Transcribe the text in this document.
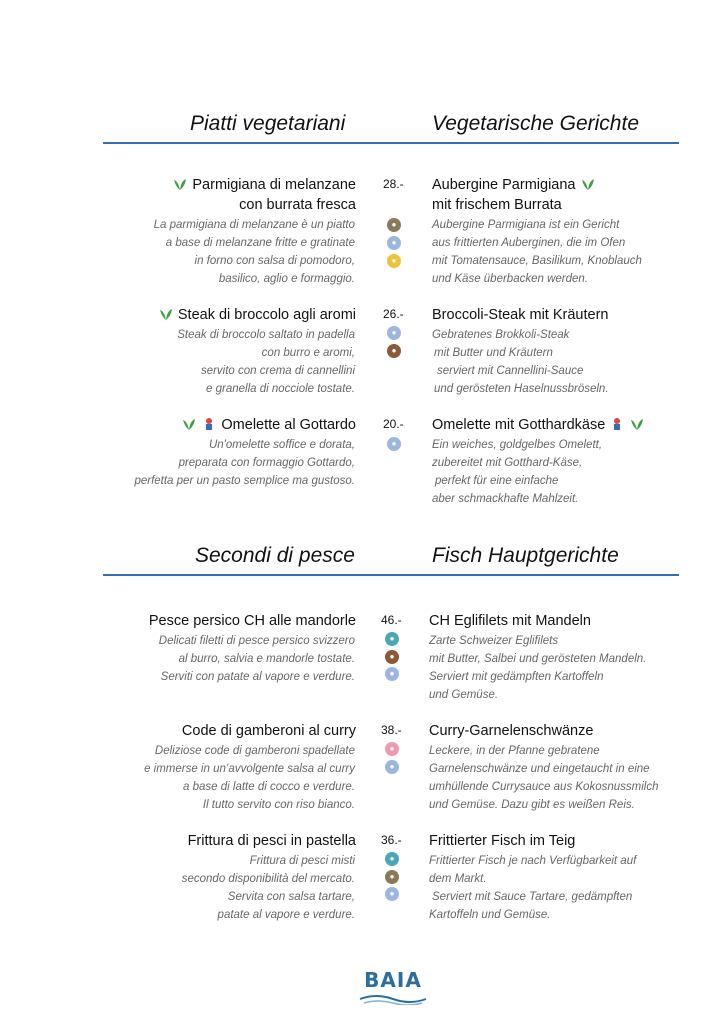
Piatti vegetariani	Vegetarische Gerichte
Parmigiana di melanzane
con burrata fresca
La parmigiana di melanzane è un piatto
a base di melanzane fritte e gratinate
in forno con salsa di pomodoro,
basilico, aglio e formaggio.
28.-
●
●
●
Aubergine Parmigiana
mit frischem Burrata
Aubergine Parmigiana ist ein Gericht
aus frittierten Auberginen, die im Ofen
mit Tomatensauce, Basilikum, Knoblauch
und Käse überbacken werden.
Steak di broccolo agli aromi
Steak di broccolo saltato in padella
con burro e aromi,
servito con crema di cannellini
e granella di nocciole tostate.
26.-
●
●
Broccoli-Steak mit Kräutern
Gebratenes Brokkoli-Steak
mit Butter und Kräutern
serviert mit Cannellini-Sauce
und gerösteten Haselnussbröseln.
Omelette al Gottardo
Un'omelette soffice e dorata,
preparata con formaggio Gottardo,
perfetta per un pasto semplice ma gustoso.
20.-
●
Omelette mit Gotthardkäse
Ein weiches, goldgelbes Omelett,
zubereitet mit Gotthard-Käse,
perfekt für eine einfache
aber schmackhafte Mahlzeit.
Secondi di pesce	Fisch Hauptgerichte
Pesce persico CH alle mandorle
Delicati filetti di pesce persico svizzero
al burro, salvia e mandorle tostate.
Serviti con patate al vapore e verdure.
46.-
●
●
●
CH Eglifilets mit Mandeln
Zarte Schweizer Eglifilets
mit Butter, Salbei und gerösteten Mandeln.
Serviert mit gedämpften Kartoffeln
und Gemüse.
Code di gamberoni al curry
Deliziose code di gamberoni spadellate
e immerse in un’avvolgente salsa al curry
a base di latte di cocco e verdure.
Il tutto servito con riso bianco.
38.-
●
●
Curry-Garnelenschwänze
Leckere, in der Pfanne gebratene
Garnelenschwänze und eingetaucht in eine
umhüllende Currysauce aus Kokosnussmilch
und Gemüse. Dazu gibt es weißen Reis.
Frittura di pesci in pastella
Frittura di pesci misti
secondo disponibilità del mercato.
Servita con salsa tartare,
patate al vapore e verdure.
36.-
●
●
●
Frittierter Fisch im Teig
Frittierter Fisch je nach Verfügbarkeit auf
dem Markt.
Serviert mit Sauce Tartare, gedämpften
Kartoffeln und Gemüse.
BAIA
